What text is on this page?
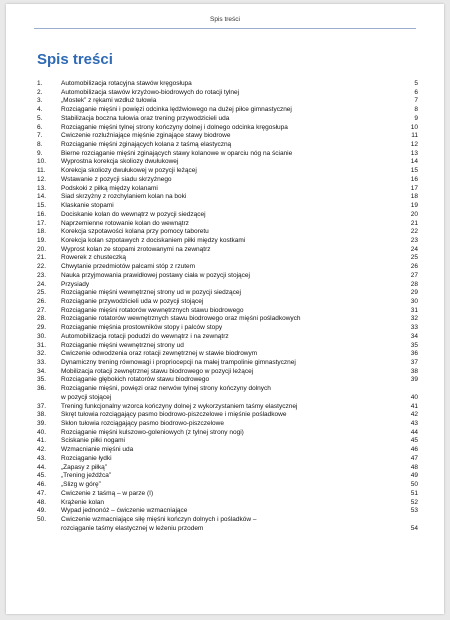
Spis treści
Spis treści
1.	Automobilizacja rotacyjna stawów kręgosłupa	5
2.	Automobilizacja stawów krzyżowo-biodrowych do rotacji tylnej	6
3.	„Mostek” z rękami wzdłuż tułowia	7
4.	Rozciąganie mięśni i powięzi odcinka lędźwiowego na dużej piłce gimnastycznej	8
5.	Stabilizacja boczna tułowia oraz trening przywodzicieli uda	9
6.	Rozciąganie mięśni tylnej strony kończyny dolnej i dolnego odcinka kręgosłupa	10
7.	Ćwiczenie rozluźniające mięśnie zginające stawy biodrowe	11
8.	Rozciąganie mięśni zginających kolana z taśmą elastyczną	12
9.	Bierne rozciąganie mięśni zginających stawy kolanowe w oparciu nóg na ścianie	13
10.	Wyprostna korekcja skoliozy dwułukowej	14
11.	Korekcja skoliozy dwułukowej w pozycji leżącej	15
12.	Wstawanie z pozycji siadu skrzyżnego	16
13.	Podskoki z piłką między kolanami	17
14.	Siad skrzyżny z rozchylaniem kolan na boki	18
15.	Klaskanie stopami	19
16.	Dociskanie kolan do wewnątrz w pozycji siedzącej	20
17.	Naprzemienne rotowanie kolan do wewnątrz	21
18.	Korekcja szpotawości kolana przy pomocy taboretu	22
19.	Korekcja kolan szpotawych z dociskaniem piłki między kostkami	23
20.	Wyprost kolan ze stopami zrotowanymi na zewnątrz	24
21.	Rowerek z chusteczką	25
22.	Chwytanie przedmiotów palcami stóp z rzutem	26
23.	Nauka przyjmowania prawidłowej postawy ciała w pozycji stojącej	27
24.	Przysiady	28
25.	Rozciąganie mięśni wewnętrznej strony ud w pozycji siedzącej	29
26.	Rozciąganie przywodzicieli uda w pozycji stojącej	30
27.	Rozciąganie mięśni rotatorów wewnętrznych stawu biodrowego	31
28.	Rozciąganie rotatorów wewnętrznych stawu biodrowego oraz mięśni pośladkowych	32
29.	Rozciąganie mięśnia prostowników stopy i palców stopy	33
30.	Automobilizacja rotacji podudzi do wewnątrz i na zewnątrz	34
31.	Rozciąganie mięśni wewnętrznej strony ud	35
32.	Ćwiczenie odwodzenia oraz rotacji zewnętrznej w stawie biodrowym	36
33.	Dynamiczny trening równowagi i propriocepcji na małej trampolinie gimnastycznej	37
34.	Mobilizacja rotacji zewnętrznej stawu biodrowego w pozycji leżącej	38
35.	Rozciąganie głębokich rotatorów stawu biodrowego	39
36.	Rozciąganie mięśni, powięzi oraz nerwów tylnej strony kończyny dolnych
w pozycji stojącej	40
37.	Trening funkcjonalny wzorca kończyny dolnej z wykorzystaniem taśmy elastycznej	41
38.	Skręt tułowia rozciągający pasmo biodrowo-piszczelowe i mięśnie pośladkowe	42
39.	Skłon tułowia rozciągający pasmo biodrowo-piszczelowe	43
40.	Rozciąganie mięśni kulszowo-goleniowych (z tylnej strony nogi)	44
41.	Ściskanie piłki nogami	45
42.	Wzmacnianie mięśni uda	46
43.	Rozciąganie łydki	47
44.	„Zapasy z piłką”	48
45.	„Trening jeźdźca”	49
46.	„Ślizg w górę”	50
47.	Ćwiczenie z taśmą – w parze (I)	51
48.	Krążenie kolan	52
49.	Wypad jednonóż – ćwiczenie wzmacniające	53
50.	Ćwiczenie wzmacniające siłę mięśni kończyn dolnych i pośladków –
rozciąganie taśmy elastycznej w leżeniu przodem	54
